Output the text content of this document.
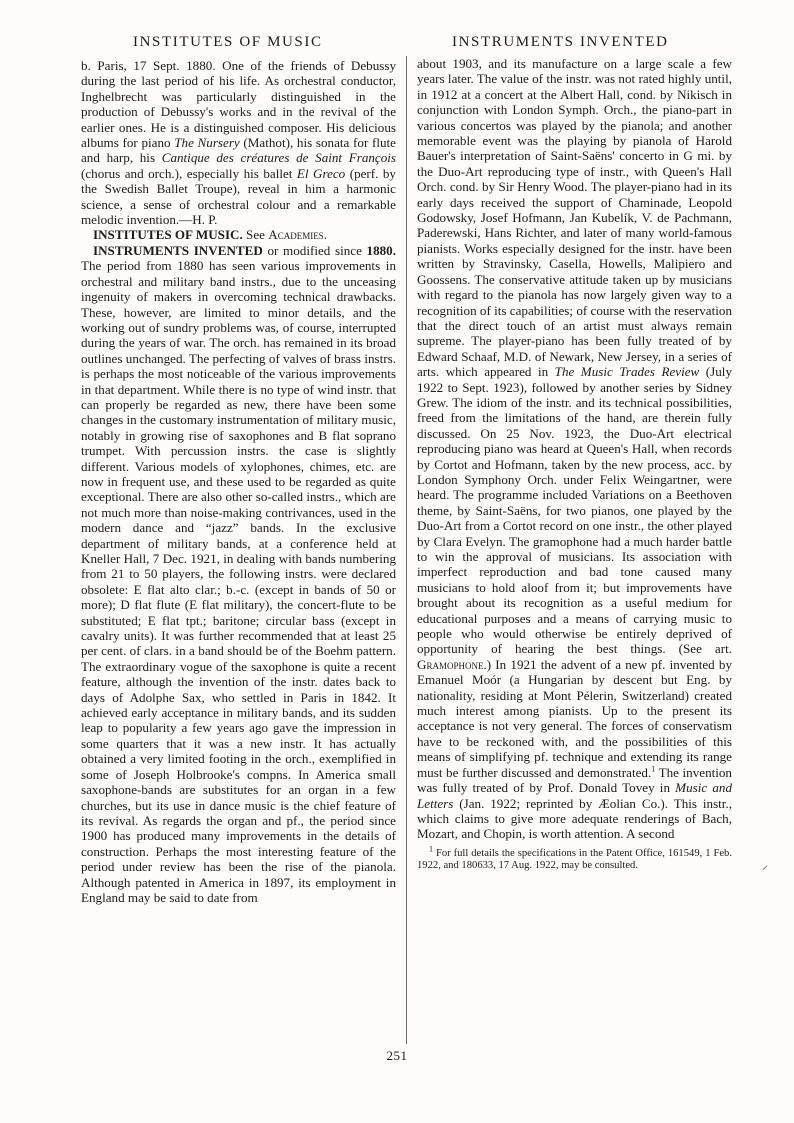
INSTITUTES OF MUSIC	INSTRUMENTS INVENTED

b. Paris, 17 Sept. 1880. One of the friends of Debussy during the last period of his life. As orchestral conductor, Inghelbrecht was particularly distinguished in the production of Debussy's works and in the revival of the earlier ones. He is a distinguished composer. His delicious albums for piano The Nursery (Mathot), his sonata for flute and harp, his Cantique des créatures de Saint François (chorus and orch.), especially his ballet El Greco (perf. by the Swedish Ballet Troupe), reveal in him a harmonic science, a sense of orchestral colour and a remarkable melodic invention.—H. P.

INSTITUTES OF MUSIC. See Academies.

INSTRUMENTS INVENTED or modified since 1880. The period from 1880 has seen various improvements in orchestral and military band instrs., due to the unceasing ingenuity of makers in overcoming technical drawbacks. These, however, are limited to minor details, and the working out of sundry problems was, of course, interrupted during the years of war. The orch. has remained in its broad outlines unchanged. The perfecting of valves of brass instrs. is perhaps the most noticeable of the various improvements in that department. While there is no type of wind instr. that can properly be regarded as new, there have been some changes in the customary instrumentation of military music, notably in growing rise of saxophones and B flat soprano trumpet. With percussion instrs. the case is slightly different. Various models of xylophones, chimes, etc. are now in frequent use, and these used to be regarded as quite exceptional. There are also other so-called instrs., which are not much more than noise-making contrivances, used in the modern dance and “jazz” bands. In the exclusive department of military bands, at a conference held at Kneller Hall, 7 Dec. 1921, in dealing with bands numbering from 21 to 50 players, the following instrs. were declared obsolete: E flat alto clar.; b.-c. (except in bands of 50 or more); D flat flute (E flat military), the concert-flute to be substituted; E flat tpt.; baritone; circular bass (except in cavalry units). It was further recommended that at least 25 per cent. of clars. in a band should be of the Boehm pattern. The extraordinary vogue of the saxophone is quite a recent feature, although the invention of the instr. dates back to days of Adolphe Sax, who settled in Paris in 1842. It achieved early acceptance in military bands, and its sudden leap to popularity a few years ago gave the impression in some quarters that it was a new instr. It has actually obtained a very limited footing in the orch., exemplified in some of Joseph Holbrooke's compns. In America small saxophone-bands are substitutes for an organ in a few churches, but its use in dance music is the chief feature of its revival. As regards the organ and pf., the period since 1900 has produced many improvements in the details of construction. Perhaps the most interesting feature of the period under review has been the rise of the pianola. Although patented in America in 1897, its employment in England may be said to date from

about 1903, and its manufacture on a large scale a few years later. The value of the instr. was not rated highly until, in 1912 at a concert at the Albert Hall, cond. by Nikisch in conjunction with London Symph. Orch., the piano-part in various concertos was played by the pianola; and another memorable event was the playing by pianola of Harold Bauer's interpretation of Saint-Saëns' concerto in G mi. by the Duo-Art reproducing type of instr., with Queen's Hall Orch. cond. by Sir Henry Wood. The player-piano had in its early days received the support of Chaminade, Leopold Godowsky, Josef Hofmann, Jan Kubelík, V. de Pachmann, Paderewski, Hans Richter, and later of many world-famous pianists. Works especially designed for the instr. have been written by Stravinsky, Casella, Howells, Malipiero and Goossens. The conservative attitude taken up by musicians with regard to the pianola has now largely given way to a recognition of its capabilities; of course with the reservation that the direct touch of an artist must always remain supreme. The player-piano has been fully treated of by Edward Schaaf, M.D. of Newark, New Jersey, in a series of arts. which appeared in The Music Trades Review (July 1922 to Sept. 1923), followed by another series by Sidney Grew. The idiom of the instr. and its technical possibilities, freed from the limitations of the hand, are therein fully discussed. On 25 Nov. 1923, the Duo-Art electrical reproducing piano was heard at Queen's Hall, when records by Cortot and Hofmann, taken by the new process, acc. by London Symphony Orch. under Felix Weingartner, were heard. The programme included Variations on a Beethoven theme, by Saint-Saëns, for two pianos, one played by the Duo-Art from a Cortot record on one instr., the other played by Clara Evelyn. The gramophone had a much harder battle to win the approval of musicians. Its association with imperfect reproduction and bad tone caused many musicians to hold aloof from it; but improvements have brought about its recognition as a useful medium for educational purposes and a means of carrying music to people who would otherwise be entirely deprived of opportunity of hearing the best things. (See art. Gramophone.) In 1921 the advent of a new pf. invented by Emanuel Moór (a Hungarian by descent but Eng. by nationality, residing at Mont Pélerin, Switzerland) created much interest among pianists. Up to the present its acceptance is not very general. The forces of conservatism have to be reckoned with, and the possibilities of this means of simplifying pf. technique and extending its range must be further discussed and demonstrated.$^1$ The invention was fully treated of by Prof. Donald Tovey in Music and Letters (Jan. 1922; reprinted by Æolian Co.). This instr., which claims to give more adequate renderings of Bach, Mozart, and Chopin, is worth attention. A second

$^1$ For full details the specifications in the Patent Office, 161549, 1 Feb. 1922, and 180633, 17 Aug. 1922, may be consulted.	⸝
251
